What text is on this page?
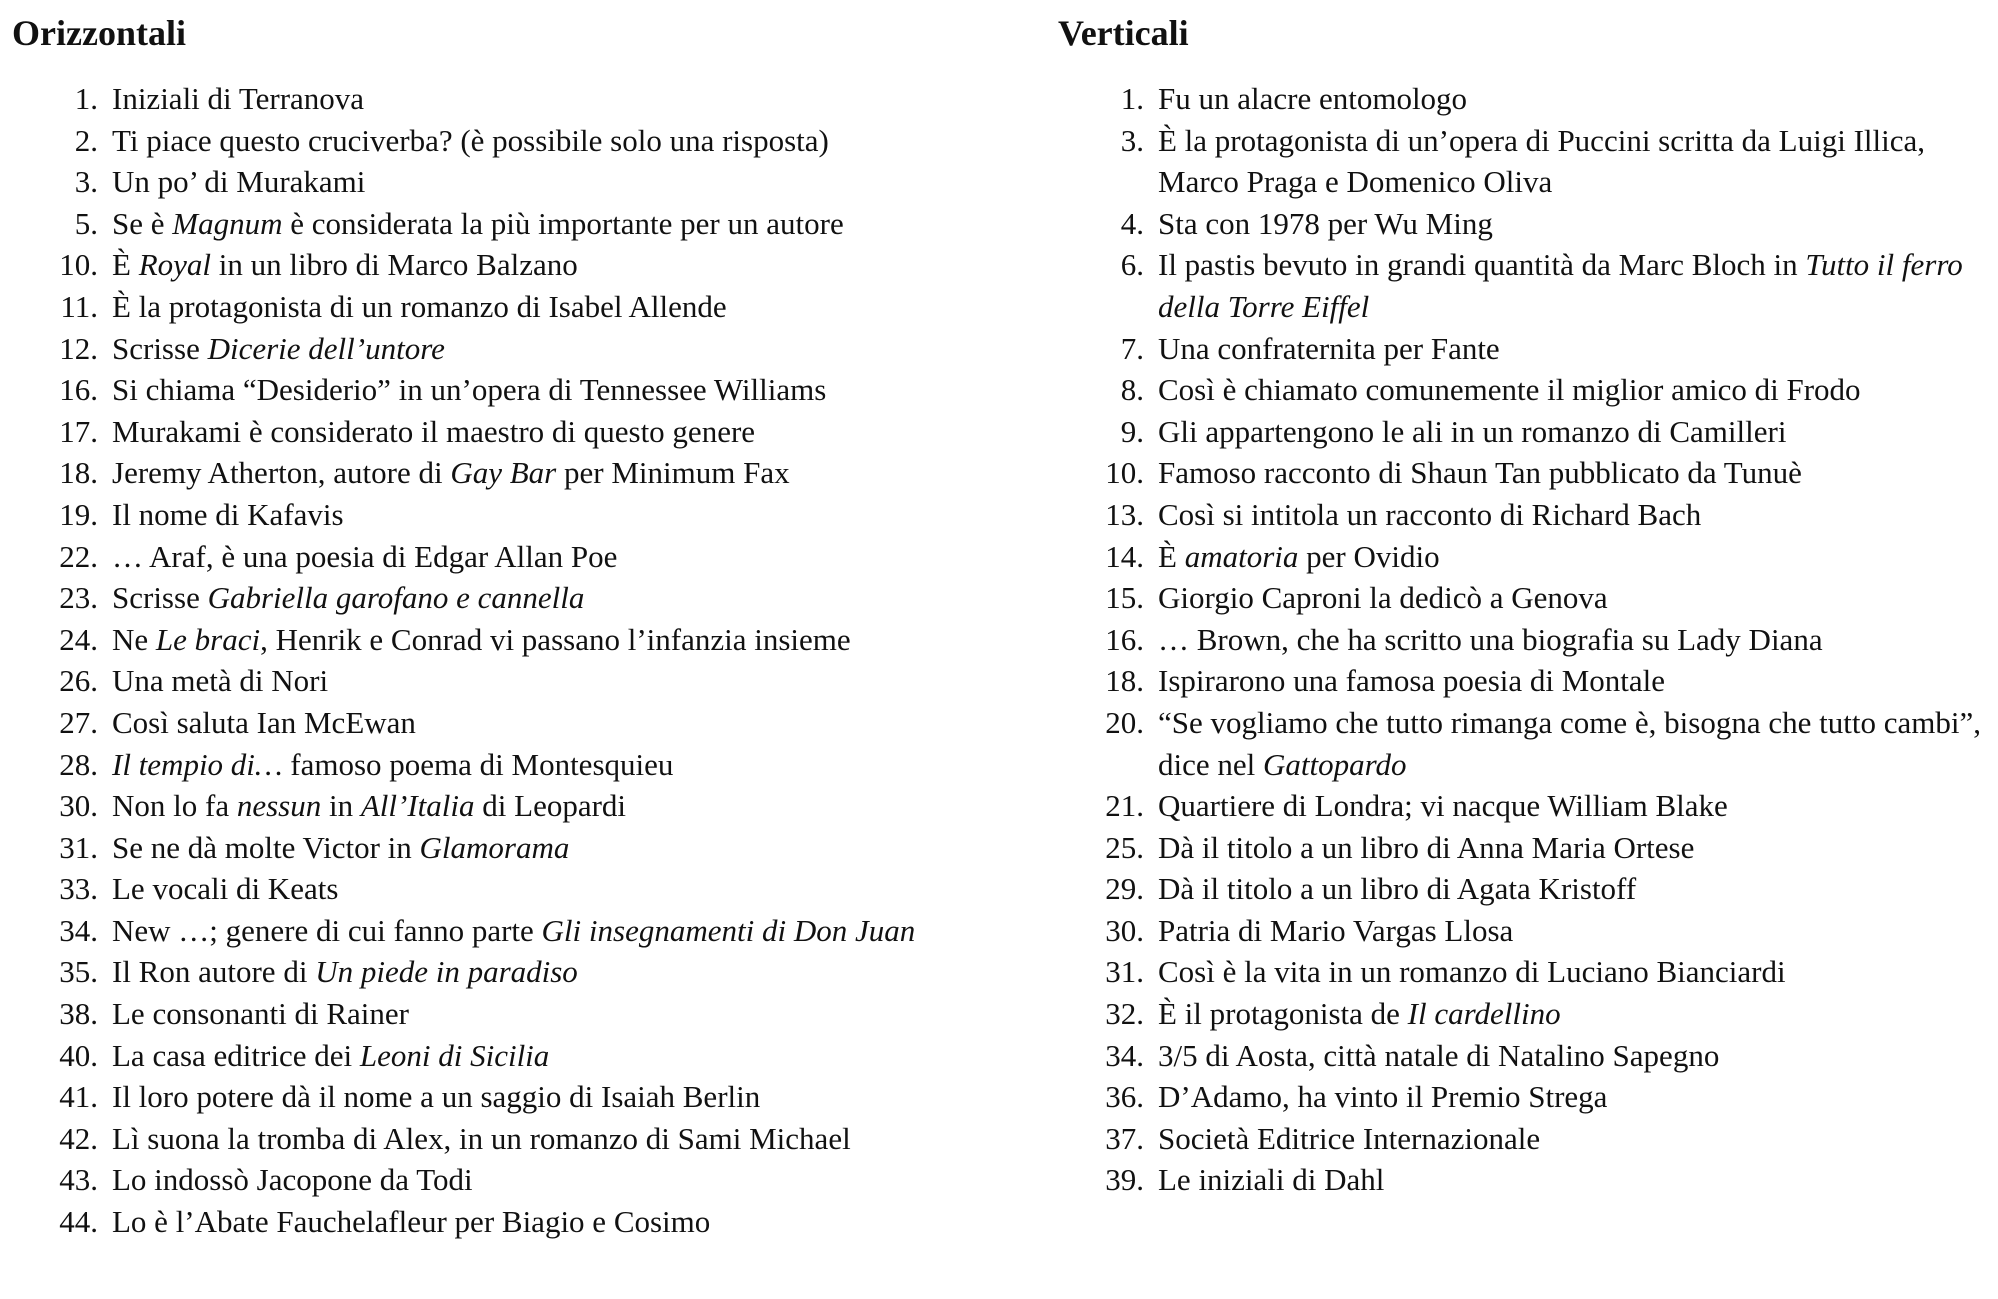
Orizzontali
1. Iniziali di Terranova
2. Ti piace questo cruciverba? (è possibile solo una risposta)
3. Un po’ di Murakami
5. Se è Magnum è considerata la più importante per un autore
10. È Royal in un libro di Marco Balzano
11. È la protagonista di un romanzo di Isabel Allende
12. Scrisse Dicerie dell’untore
16. Si chiama “Desiderio” in un’opera di Tennessee Williams
17. Murakami è considerato il maestro di questo genere
18. Jeremy Atherton, autore di Gay Bar per Minimum Fax
19. Il nome di Kafavis
22. … Araf, è una poesia di Edgar Allan Poe
23. Scrisse Gabriella garofano e cannella
24. Ne Le braci, Henrik e Conrad vi passano l’infanzia insieme
26. Una metà di Nori
27. Così saluta Ian McEwan
28. Il tempio di… famoso poema di Montesquieu
30. Non lo fa nessun in All’Italia di Leopardi
31. Se ne dà molte Victor in Glamorama
33. Le vocali di Keats
34. New …; genere di cui fanno parte Gli insegnamenti di Don Juan
35. Il Ron autore di Un piede in paradiso
38. Le consonanti di Rainer
40. La casa editrice dei Leoni di Sicilia
41. Il loro potere dà il nome a un saggio di Isaiah Berlin
42. Lì suona la tromba di Alex, in un romanzo di Sami Michael
43. Lo indossò Jacopone da Todi
44. Lo è l’Abate Fauchelafleur per Biagio e Cosimo
Verticali
1. Fu un alacre entomologo
3. È la protagonista di un’opera di Puccini scritta da Luigi Illica, Marco Praga e Domenico Oliva
4. Sta con 1978 per Wu Ming
6. Il pastis bevuto in grandi quantità da Marc Bloch in Tutto il ferro della Torre Eiffel
7. Una confraternita per Fante
8. Così è chiamato comunemente il miglior amico di Frodo
9. Gli appartengono le ali in un romanzo di Camilleri
10. Famoso racconto di Shaun Tan pubblicato da Tunuè
13. Così si intitola un racconto di Richard Bach
14. È amatoria per Ovidio
15. Giorgio Caproni la dedicò a Genova
16. … Brown, che ha scritto una biografia su Lady Diana
18. Ispirarono una famosa poesia di Montale
20. “Se vogliamo che tutto rimanga come è, bisogna che tutto cambi”, dice nel Gattopardo
21. Quartiere di Londra; vi nacque William Blake
25. Dà il titolo a un libro di Anna Maria Ortese
29. Dà il titolo a un libro di Agata Kristoff
30. Patria di Mario Vargas Llosa
31. Così è la vita in un romanzo di Luciano Bianciardi
32. È il protagonista de Il cardellino
34. 3/5 di Aosta, città natale di Natalino Sapegno
36. D’Adamo, ha vinto il Premio Strega
37. Società Editrice Internazionale
39. Le iniziali di Dahl
